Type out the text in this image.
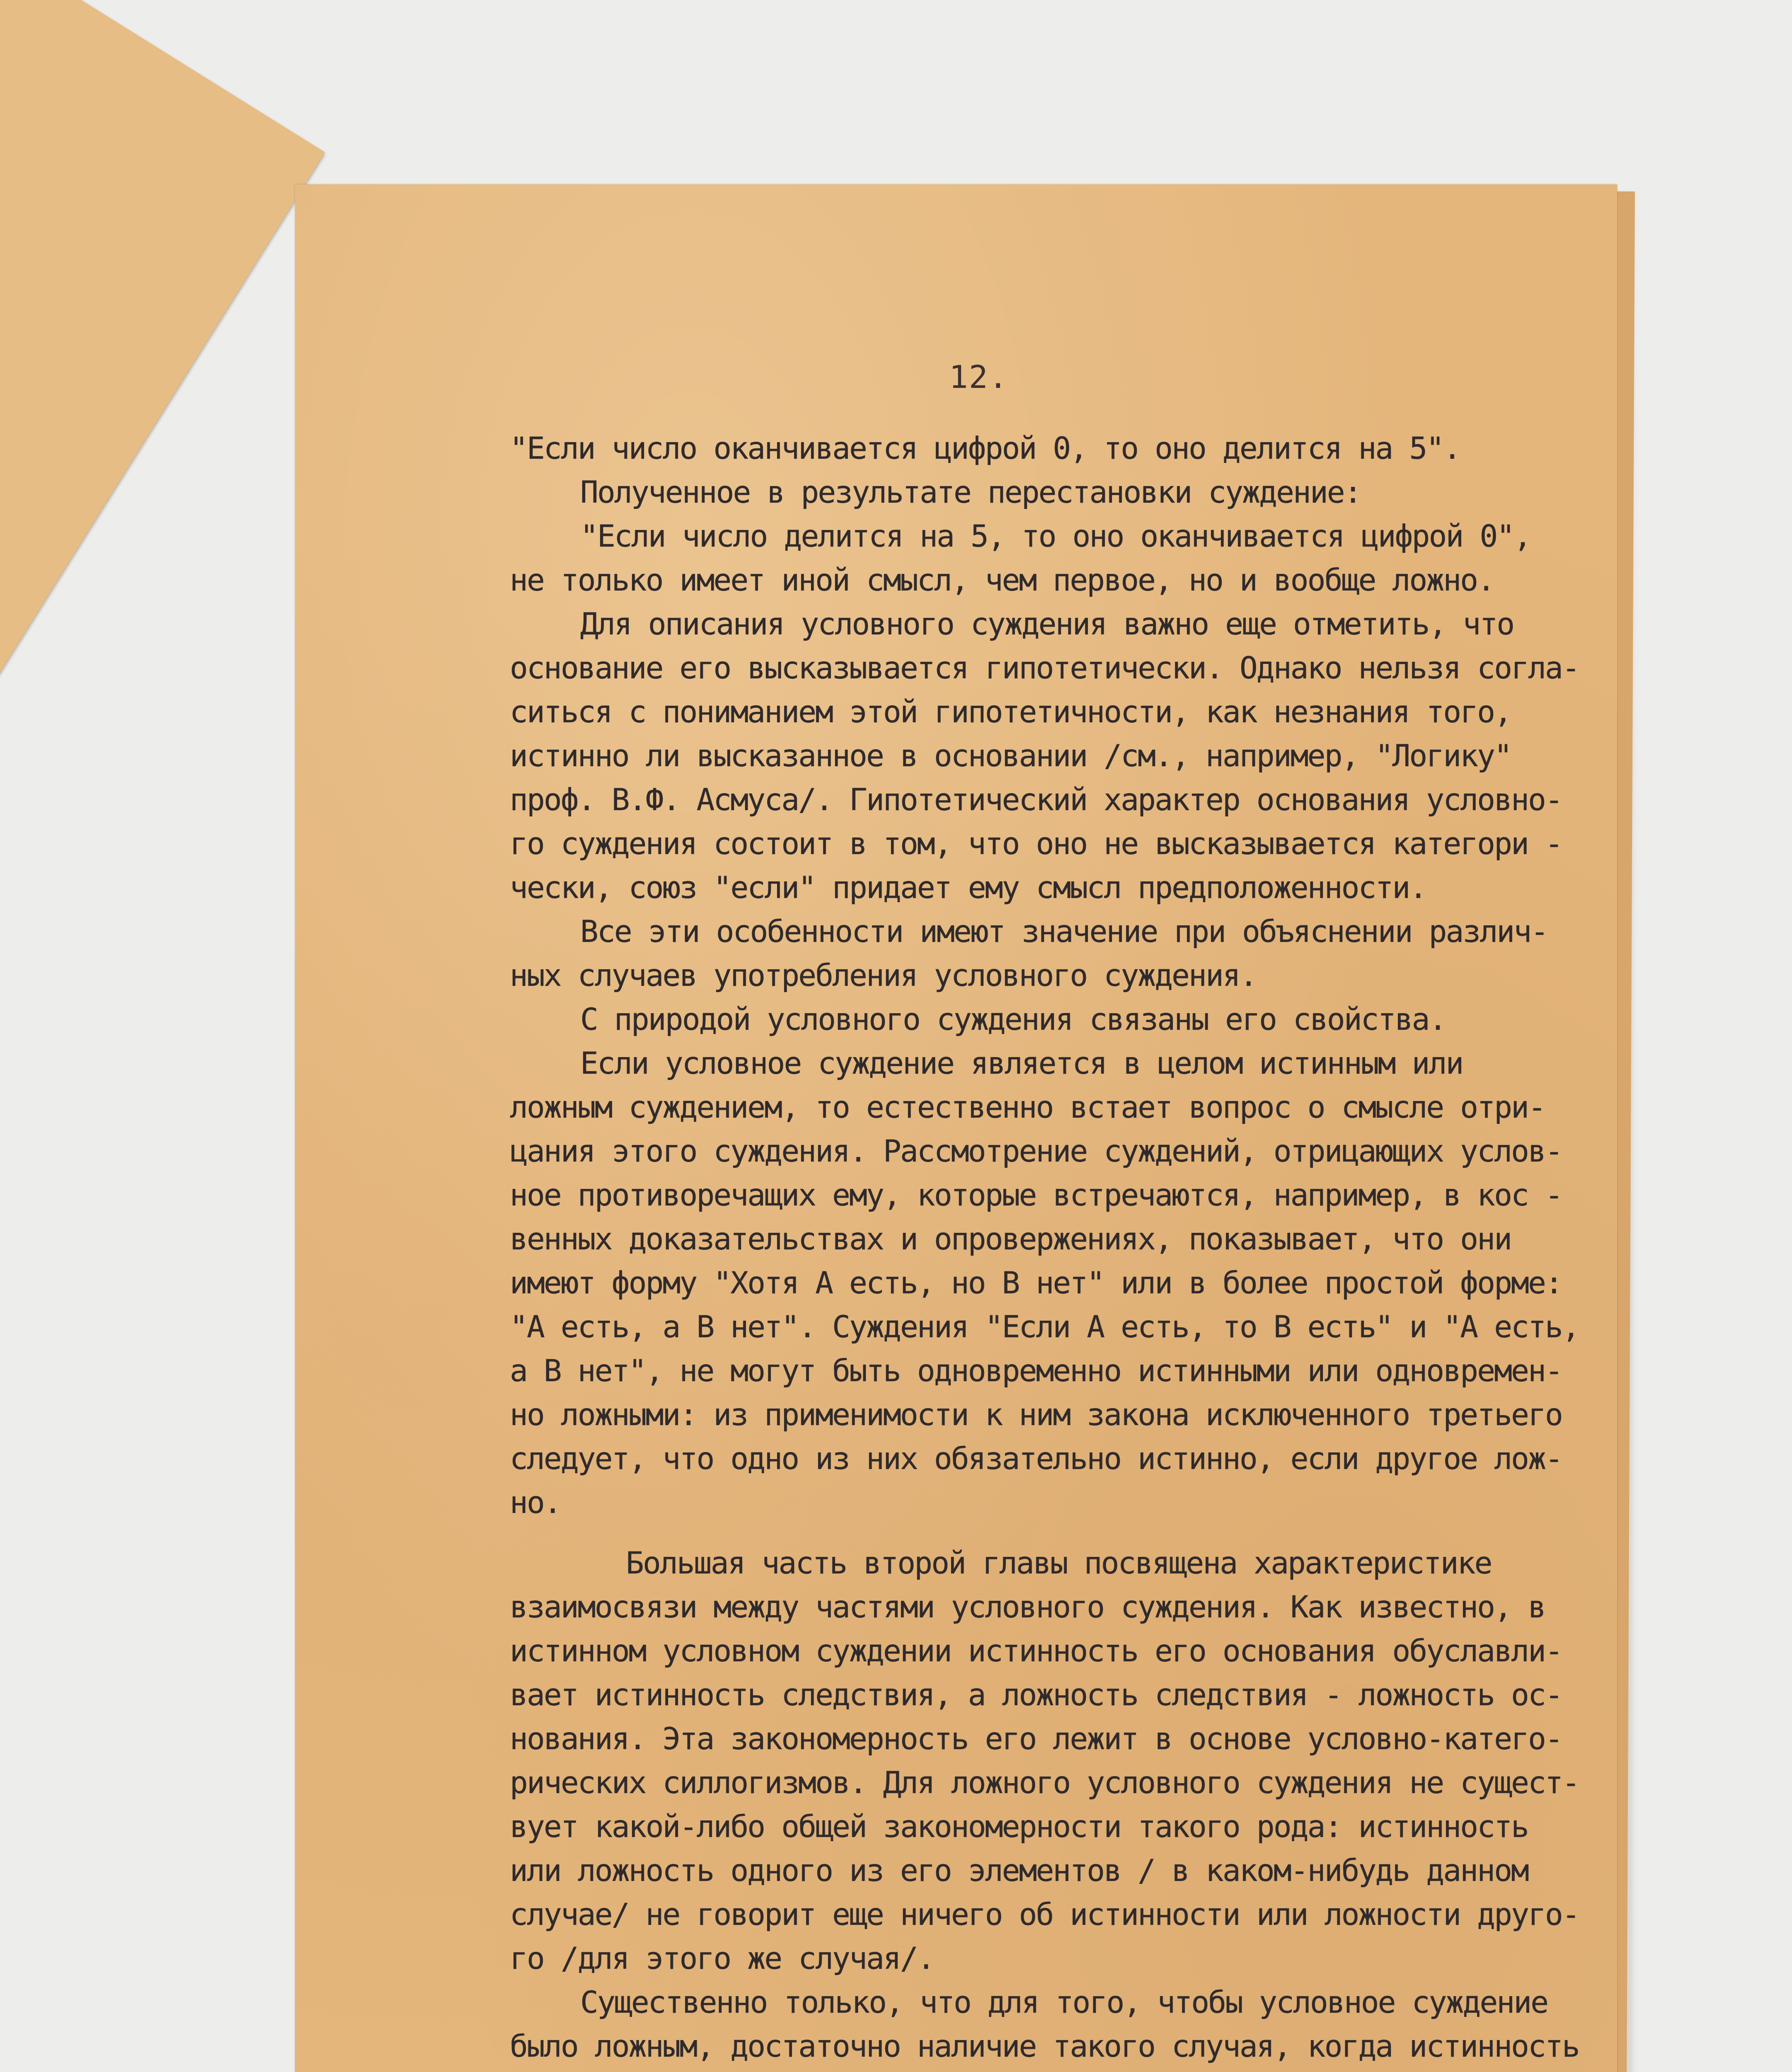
12.
"Если число оканчивается цифрой 0, то оно делится на 5".
Полученное в результате перестановки суждение:
"Если число делится на 5, то оно оканчивается цифрой 0",
не только имеет иной смысл, чем первое, но и вообще ложно.
Для описания условного суждения важно еще отметить, что
основание его высказывается гипотетически. Однако нельзя согла-
ситься с пониманием этой гипотетичности, как незнания того,
истинно ли высказанное в основании /см., например, "Логику"
проф. В.Ф. Асмуса/. Гипотетический характер основания условно-
го суждения состоит в том, что оно не высказывается категори -
чески, союз "если" придает ему смысл предположенности.
Все эти особенности имеют значение при объяснении различ-
ных случаев употребления условного суждения.
С природой условного суждения связаны его свойства.
Если условное суждение является в целом истинным или
ложным суждением, то естественно встает вопрос о смысле отри-
цания этого суждения. Рассмотрение суждений, отрицающих услов-
ное противоречащих ему, которые встречаются, например, в кос -
венных доказательствах и опровержениях, показывает, что они
имеют форму "Хотя А есть, но В нет" или в более простой форме:
"А есть, а В нет". Суждения "Если А есть, то В есть" и "А есть,
а В нет", не могут быть одновременно истинными или одновремен-
но ложными: из применимости к ним закона исключенного третьего
следует, что одно из них обязательно истинно, если другое лож-
но.
Большая часть второй главы посвящена характеристике
взаимосвязи между частями условного суждения. Как известно, в
истинном условном суждении истинность его основания обуславли-
вает истинность следствия, а ложность следствия - ложность ос-
нования. Эта закономерность его лежит в основе условно-катего-
рических силлогизмов. Для ложного условного суждения не сущест-
вует какой-либо общей закономерности такого рода: истинность
или ложность одного из его элементов / в каком-нибудь данном
случае/ не говорит еще ничего об истинности или ложности друго-
го /для этого же случая/.
Существенно только, что для того, чтобы условное суждение
было ложным, достаточно наличие такого случая, когда истинность
